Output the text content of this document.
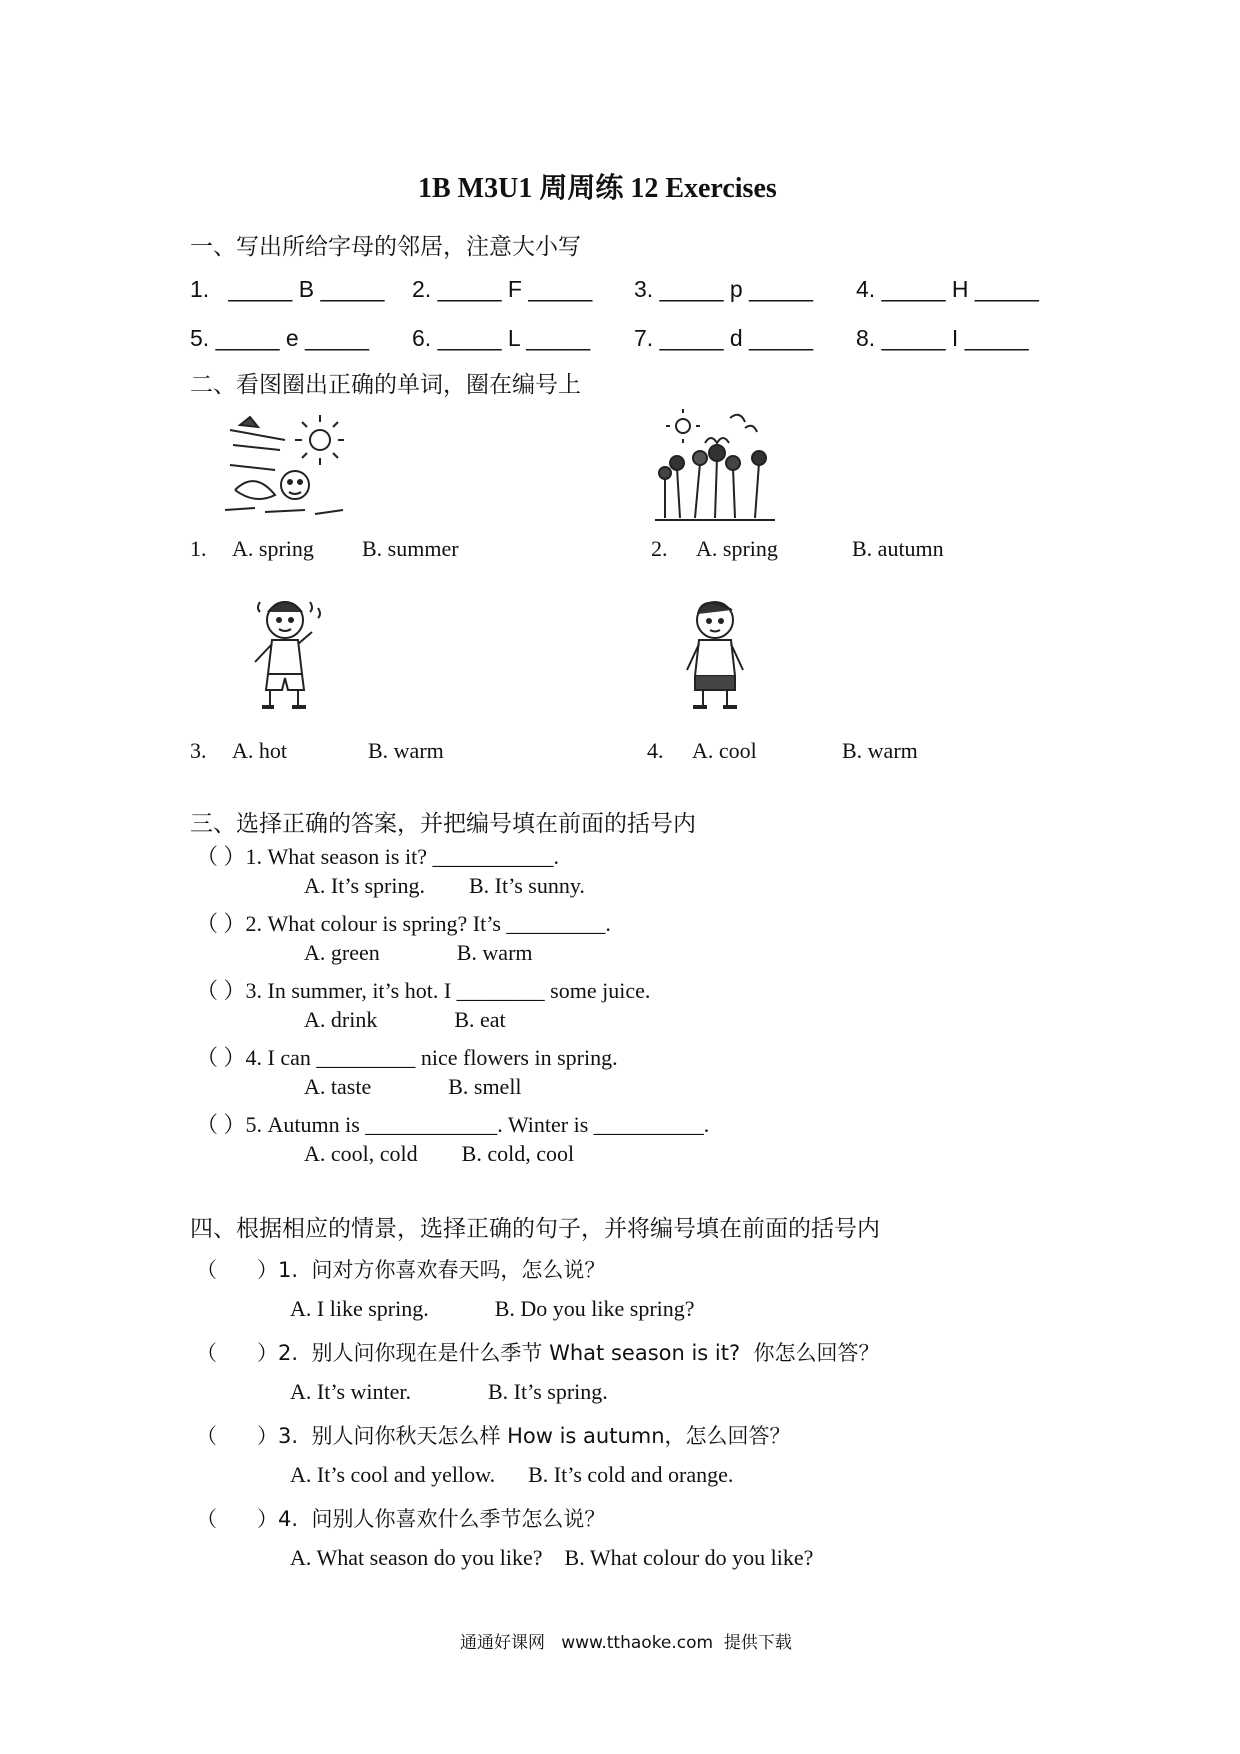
1B M3U1 周周练 12 Exercises
一、写出所给字母的邻居，注意大小写
1. _____ B _____ 2. _____ F _____ 3. _____ p _____ 4. _____ H _____
5. _____ e _____ 6. _____ L _____ 7. _____ d _____ 8. _____ I _____
二、看图圈出正确的单词，圈在编号上
1. A. spring B. summer	2. A. spring	B. autumn
3. A. hot	B. warm	4. A. cool	B. warm
三、选择正确的答案，并把编号填在前面的括号内
（ ）1. What season is it? ___________.
A. It’s spring.        B. It’s sunny.
（ ）2. What colour is spring? It’s _________.
A. green              B. warm
（ ）3. In summer, it’s hot. I ________ some juice.
A. drink              B. eat
（ ）4. I can _________ nice flowers in spring.
A. taste              B. smell
（ ）5. Autumn is ____________. Winter is __________.
A. cool, cold        B. cold, cool
四、根据相应的情景，选择正确的句子，并将编号填在前面的括号内
（      ）1.  问对方你喜欢春天吗，怎么说？
A. I like spring.            B. Do you like spring?
（      ）2.  别人问你现在是什么季节 What season is it?  你怎么回答？
A. It’s winter.              B. It’s spring.
（      ）3.  别人问你秋天怎么样 How is autumn，怎么回答？
A. It’s cool and yellow.      B. It’s cold and orange.
（      ）4.  问别人你喜欢什么季节怎么说？
A. What season do you like?    B. What colour do you like?
通通好课网   www.tthaoke.com  提供下载
